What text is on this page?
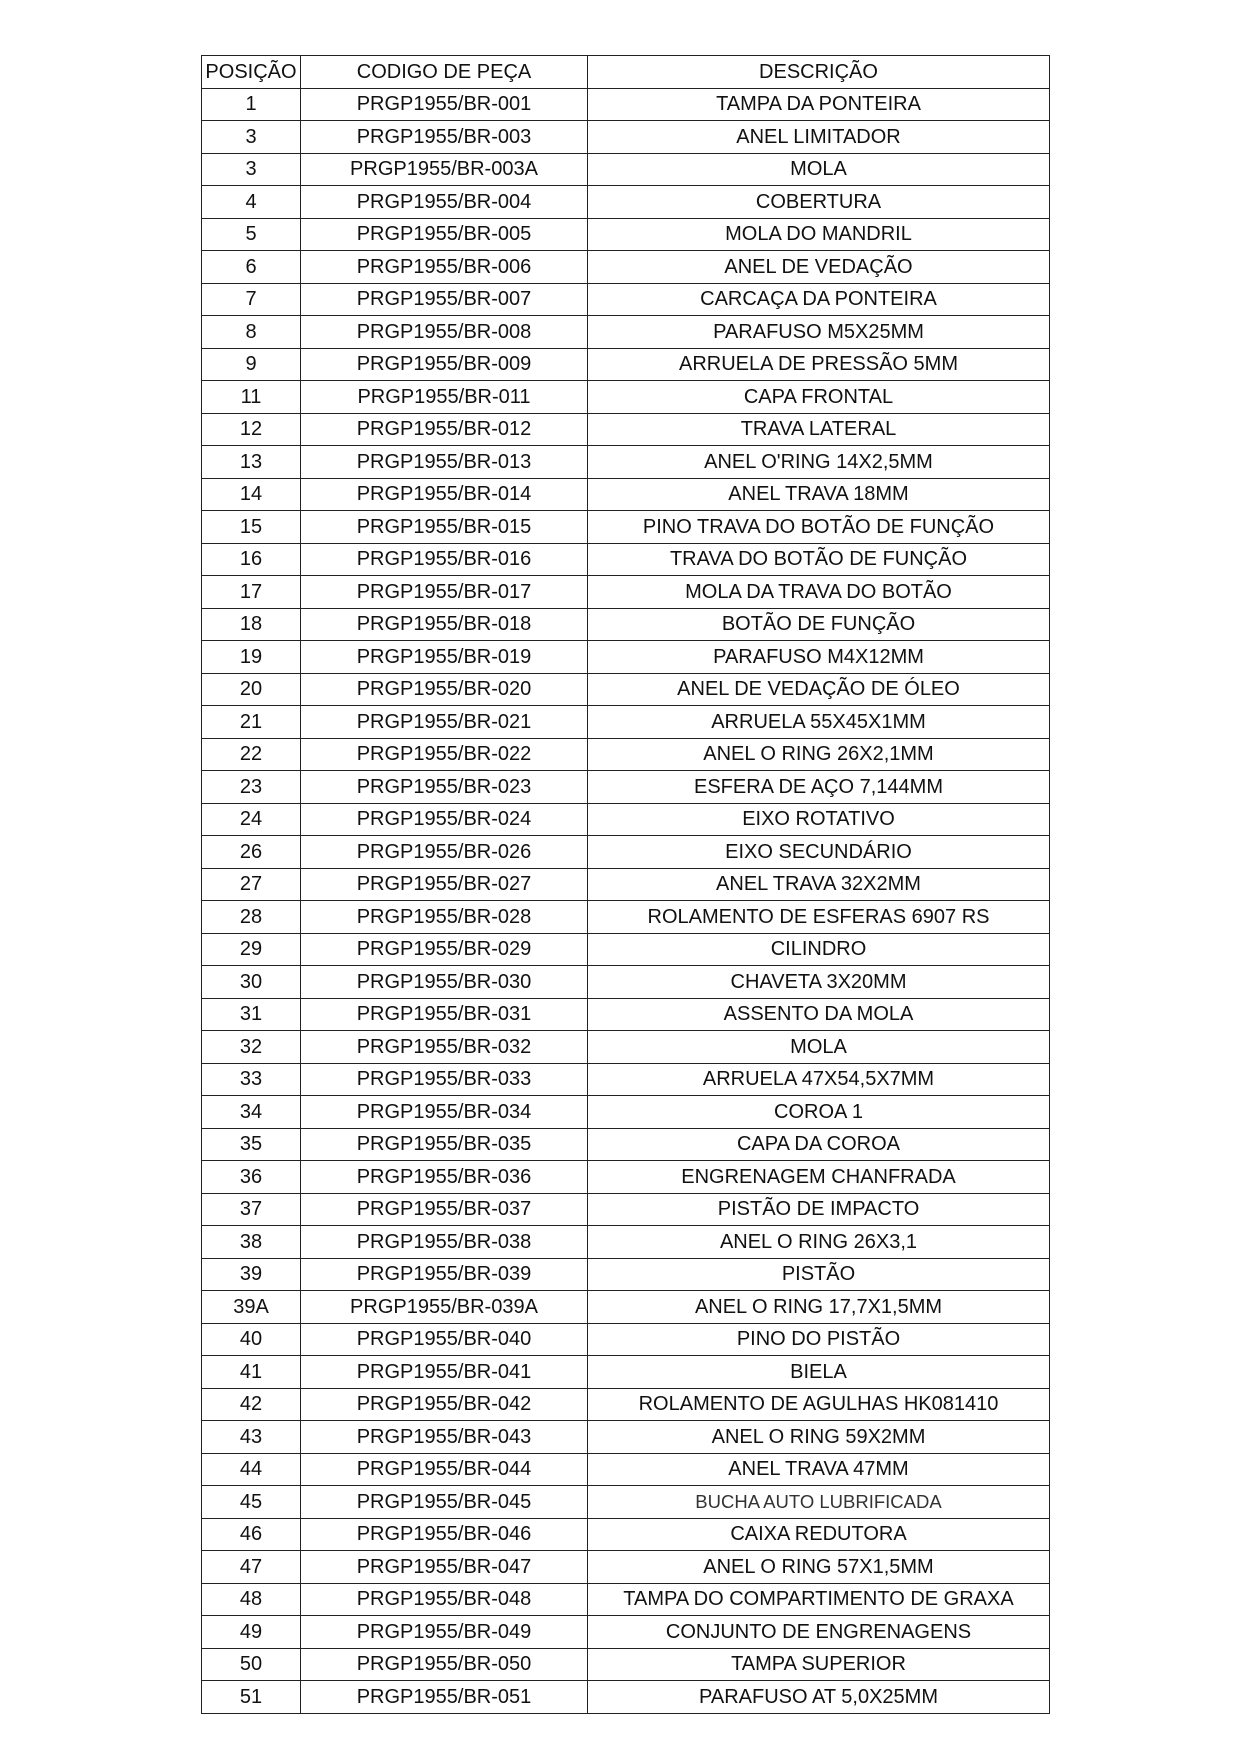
POSIÇÃO	CODIGO DE PEÇA	DESCRIÇÃO
1	PRGP1955/BR-001	TAMPA DA PONTEIRA
3	PRGP1955/BR-003	ANEL LIMITADOR
3	PRGP1955/BR-003A	MOLA
4	PRGP1955/BR-004	COBERTURA
5	PRGP1955/BR-005	MOLA DO MANDRIL
6	PRGP1955/BR-006	ANEL DE VEDAÇÃO
7	PRGP1955/BR-007	CARCAÇA DA PONTEIRA
8	PRGP1955/BR-008	PARAFUSO M5X25MM
9	PRGP1955/BR-009	ARRUELA DE PRESSÃO 5MM
11	PRGP1955/BR-011	CAPA FRONTAL
12	PRGP1955/BR-012	TRAVA LATERAL
13	PRGP1955/BR-013	ANEL O'RING 14X2,5MM
14	PRGP1955/BR-014	ANEL TRAVA 18MM
15	PRGP1955/BR-015	PINO TRAVA DO BOTÃO DE FUNÇÃO
16	PRGP1955/BR-016	TRAVA DO BOTÃO DE FUNÇÃO
17	PRGP1955/BR-017	MOLA DA TRAVA DO BOTÃO
18	PRGP1955/BR-018	BOTÃO DE FUNÇÃO
19	PRGP1955/BR-019	PARAFUSO M4X12MM
20	PRGP1955/BR-020	ANEL DE VEDAÇÃO DE ÓLEO
21	PRGP1955/BR-021	ARRUELA 55X45X1MM
22	PRGP1955/BR-022	ANEL O RING 26X2,1MM
23	PRGP1955/BR-023	ESFERA DE AÇO 7,144MM
24	PRGP1955/BR-024	EIXO ROTATIVO
26	PRGP1955/BR-026	EIXO SECUNDÁRIO
27	PRGP1955/BR-027	ANEL TRAVA 32X2MM
28	PRGP1955/BR-028	ROLAMENTO DE ESFERAS 6907 RS
29	PRGP1955/BR-029	CILINDRO
30	PRGP1955/BR-030	CHAVETA 3X20MM
31	PRGP1955/BR-031	ASSENTO DA MOLA
32	PRGP1955/BR-032	MOLA
33	PRGP1955/BR-033	ARRUELA 47X54,5X7MM
34	PRGP1955/BR-034	COROA 1
35	PRGP1955/BR-035	CAPA DA COROA
36	PRGP1955/BR-036	ENGRENAGEM CHANFRADA
37	PRGP1955/BR-037	PISTÃO DE IMPACTO
38	PRGP1955/BR-038	ANEL O RING 26X3,1
39	PRGP1955/BR-039	PISTÃO
39A	PRGP1955/BR-039A	ANEL O RING 17,7X1,5MM
40	PRGP1955/BR-040	PINO DO PISTÃO
41	PRGP1955/BR-041	BIELA
42	PRGP1955/BR-042	ROLAMENTO DE AGULHAS HK081410
43	PRGP1955/BR-043	ANEL O RING 59X2MM
44	PRGP1955/BR-044	ANEL TRAVA 47MM
45	PRGP1955/BR-045	BUCHA AUTO LUBRIFICADA
46	PRGP1955/BR-046	CAIXA REDUTORA
47	PRGP1955/BR-047	ANEL O RING 57X1,5MM
48	PRGP1955/BR-048	TAMPA DO COMPARTIMENTO DE GRAXA
49	PRGP1955/BR-049	CONJUNTO DE ENGRENAGENS
50	PRGP1955/BR-050	TAMPA SUPERIOR
51	PRGP1955/BR-051	PARAFUSO AT 5,0X25MM
